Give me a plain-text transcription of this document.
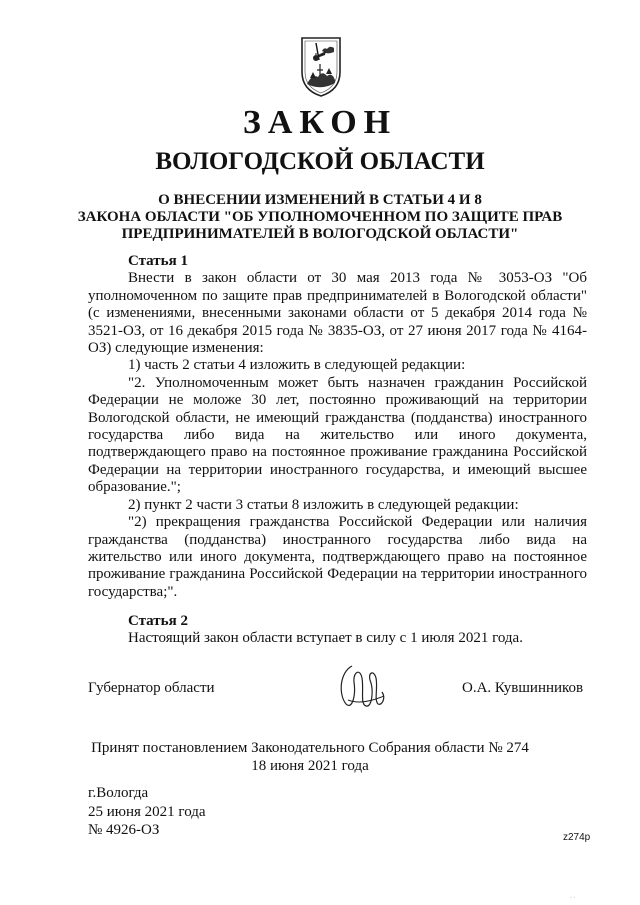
ЗАКОН
ВОЛОГОДСКОЙ ОБЛАСТИ
О ВНЕСЕНИИ ИЗМЕНЕНИЙ В СТАТЬИ 4 И 8
ЗАКОНА ОБЛАСТИ "ОБ УПОЛНОМОЧЕННОМ ПО ЗАЩИТЕ ПРАВ
ПРЕДПРИНИМАТЕЛЕЙ В ВОЛОГОДСКОЙ ОБЛАСТИ"

Статья 1

Внести в закон области от 30 мая 2013 года № 3053-ОЗ "Об уполномоченном по защите прав предпринимателей в Вологодской области" (с изменениями, внесенными законами области от 5 декабря 2014 года № 3521-ОЗ, от 16 декабря 2015 года № 3835-ОЗ, от 27 июня 2017 года № 4164-ОЗ) следующие изменения:

1) часть 2 статьи 4 изложить в следующей редакции:

"2. Уполномоченным может быть назначен гражданин Российской Федерации не моложе 30 лет, постоянно проживающий на территории Вологодской области, не имеющий гражданства (подданства) иностранного государства либо вида на жительство или иного документа, подтверждающего право на постоянное проживание гражданина Российской Федерации на территории иностранного государства, и имеющий высшее образование.";

2) пункт 2 части 3 статьи 8 изложить в следующей редакции:

"2) прекращения гражданства Российской Федерации или наличия гражданства (подданства) иностранного государства либо вида на жительство или иного документа, подтверждающего право на постоянное проживание гражданина Российской Федерации на территории иностранного государства;".

Статья 2

Настоящий закон области вступает в силу с 1 июля 2021 года.

Губернатор области	О.А. Кувшинников
Принят постановлением Законодательного Собрания области № 274
18 июня 2021 года
г.Вологда
25 июня 2021 года
№ 4926-ОЗ	z274р
· ·
